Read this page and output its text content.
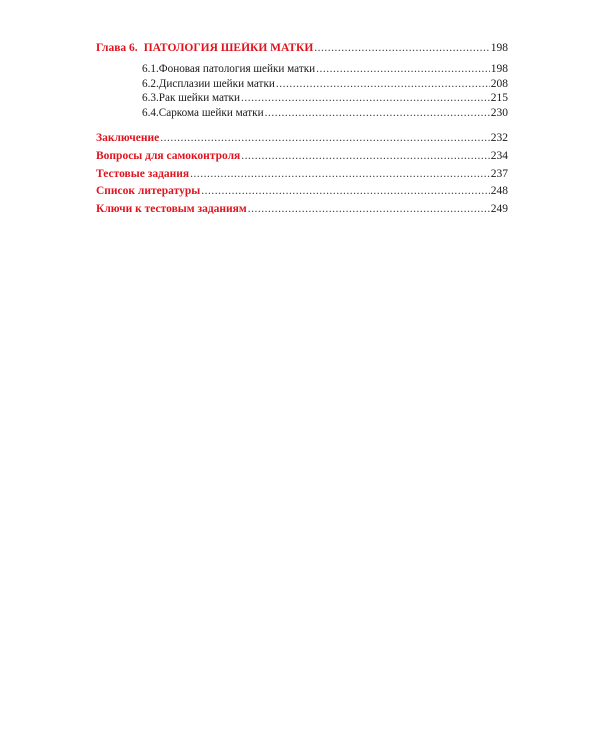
Глава 6. ПАТОЛОГИЯ ШЕЙКИ МАТКИ .....	198
6.1. Фоновая патология шейки матки .....	198
6.2. Дисплазии шейки матки .....	208
6.3. Рак шейки матки .....	215
6.4. Саркома шейки матки .....	230
Заключение .....	232
Вопросы для самоконтроля .....	234
Тестовые задания .....	237
Список литературы .....	248
Ключи к тестовым заданиям .....	249
